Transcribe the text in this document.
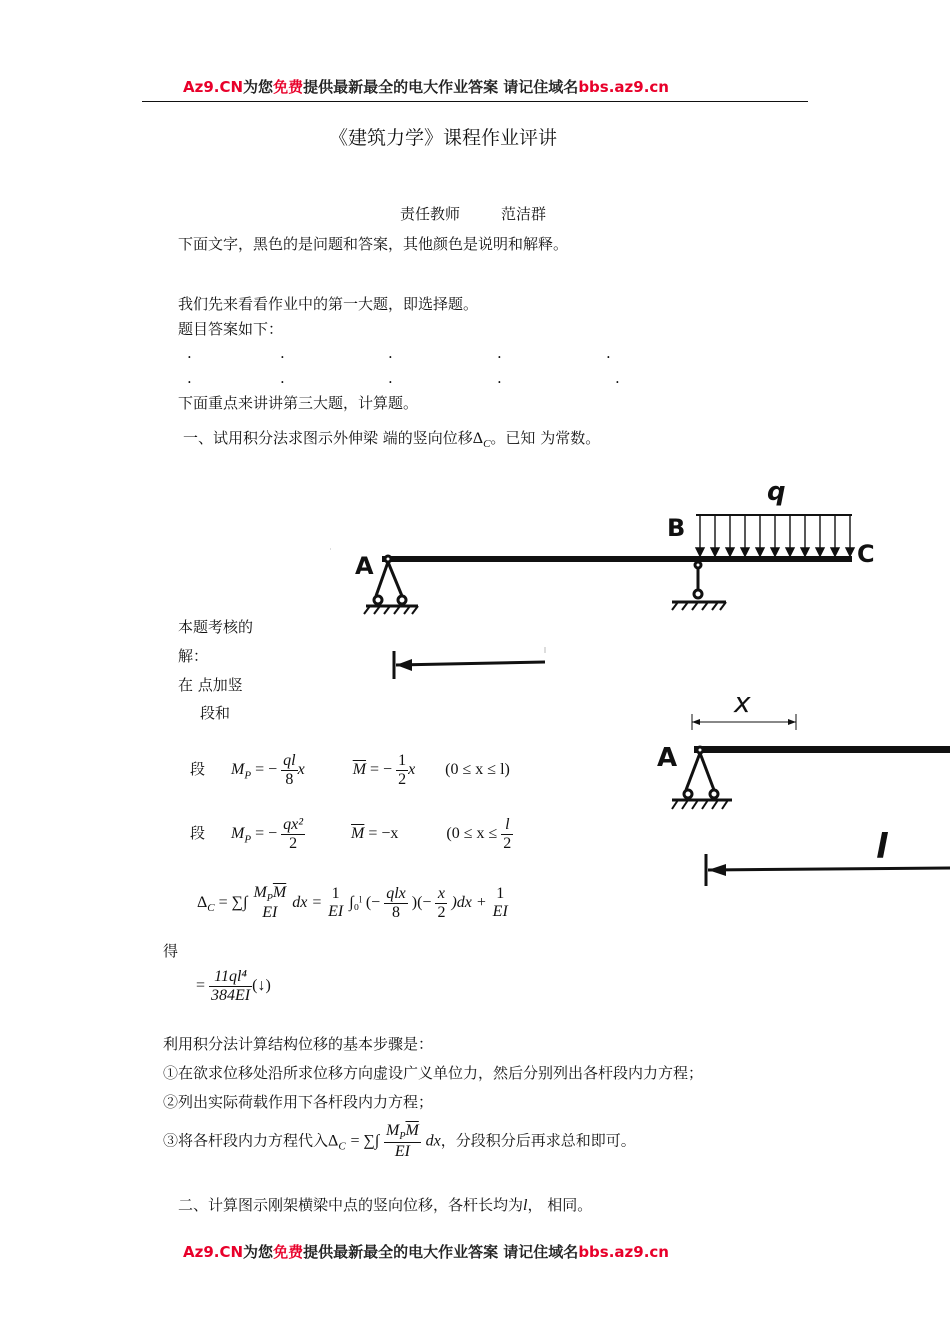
Az9.CN为您免费提供最新最全的电大作业答案 请记住域名bbs.az9.cn
《建筑力学》课程作业评讲
责任教师	范洁群
下面文字，黑色的是问题和答案，其他颜色是说明和解释。
我们先来看看作业中的第一大题，即选择题。
题目答案如下：
.	.	.	.	.
.	.	.	.	.
下面重点来讲讲第三大题，计算题。
一、试用积分法求图示外伸梁 端的竖向位移$\Delta_C$。已知 为常数。
q
B
C
A
本题考核的
解：
在 点加竖
段和	x
A
l
段 $M_P$ = − $\frac{ql}{8}$ x	$\overline{M}$ = − $\frac{1}{2}$ x (0 ≤ x ≤ l)
段 $M_P$ = − $\frac{\text{qx²}}{2}$	$\overline{M} = -x$	($0 \le x \le \frac{l}{2}$
$\Delta_C$ = ∑∫
$M_P\overline{M}$
EI
dx =
1
EI
∫₀ˡ (− $\frac{\text{qlx}}{8}$ )(− $\frac{x}{2} )dx$ +
1
EI
得
= $\frac{\text{11ql⁴}}{384EI}$ (↓)
利用积分法计算结构位移的基本步骤是：
①在欲求位移处沿所求位移方向虚设广义单位力，然后分别列出各杆段内力方程；
②列出实际荷载作用下各杆段内力方程；
③将各杆段内力方程代入$\Delta_C$ = ∑∫ $\frac{M_P\overline{M}}{EI}$ dx，分段积分后再求总和即可。
二、计算图示刚架横梁中点的竖向位移，各杆长均为l， 相同。
Az9.CN为您免费提供最新最全的电大作业答案 请记住域名bbs.az9.cn
